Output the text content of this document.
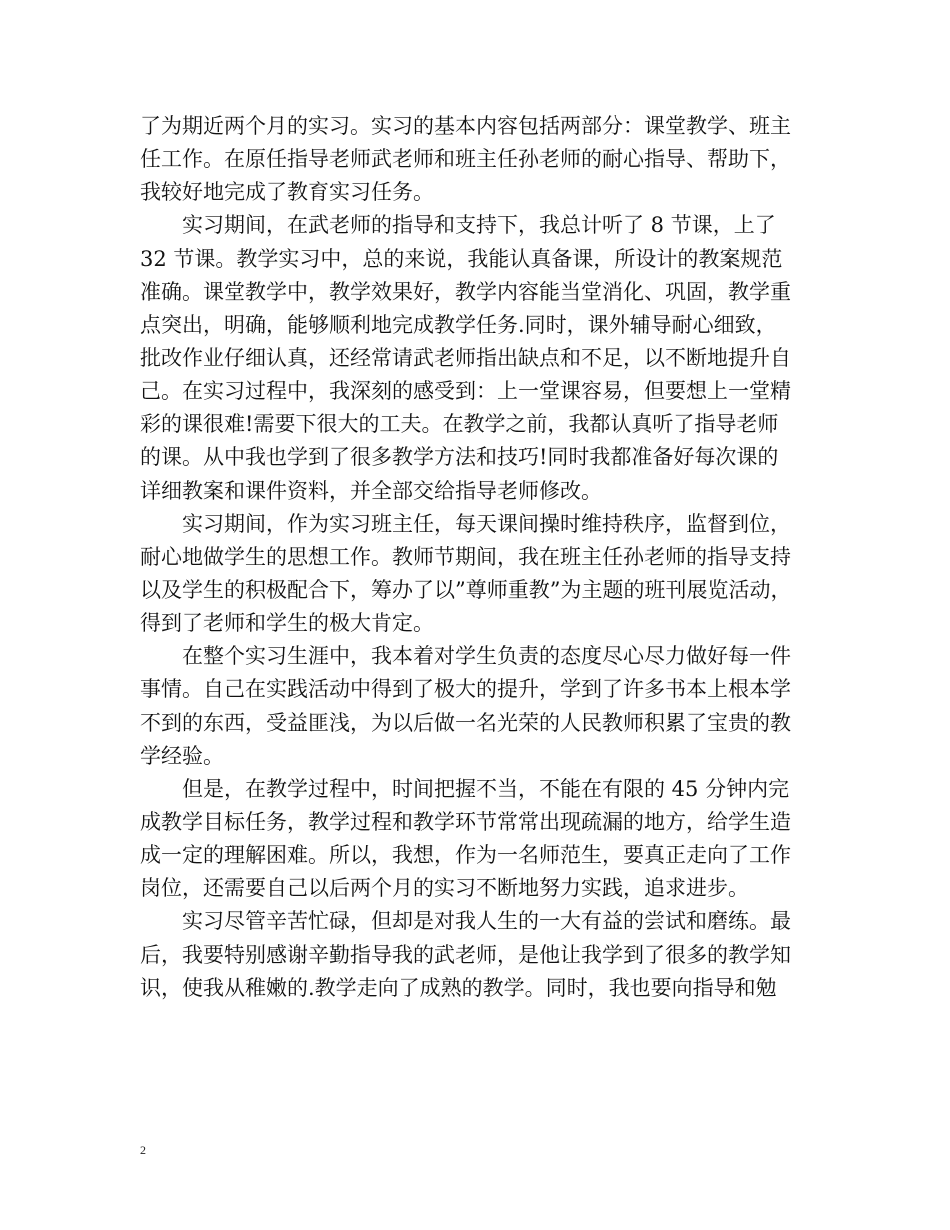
了为期近两个月的实习。实习的基本内容包括两部分：课堂教学、班主
任工作。在原任指导老师武老师和班主任孙老师的耐心指导、帮助下，
我较好地完成了教育实习任务。
实习期间，在武老师的指导和支持下，我总计听了 8 节课，上了
32 节课。教学实习中，总的来说，我能认真备课，所设计的教案规范
准确。课堂教学中，教学效果好，教学内容能当堂消化、巩固，教学重
点突出，明确，能够顺利地完成教学任务.同时，课外辅导耐心细致，
批改作业仔细认真，还经常请武老师指出缺点和不足，以不断地提升自
己。在实习过程中，我深刻的感受到：上一堂课容易，但要想上一堂精
彩的课很难!需要下很大的工夫。在教学之前，我都认真听了指导老师
的课。从中我也学到了很多教学方法和技巧!同时我都准备好每次课的
详细教案和课件资料，并全部交给指导老师修改。
实习期间，作为实习班主任，每天课间操时维持秩序，监督到位，
耐心地做学生的思想工作。教师节期间，我在班主任孙老师的指导支持
以及学生的积极配合下，筹办了以”尊师重教”为主题的班刊展览活动，
得到了老师和学生的极大肯定。
在整个实习生涯中，我本着对学生负责的态度尽心尽力做好每一件
事情。自己在实践活动中得到了极大的提升，学到了许多书本上根本学
不到的东西，受益匪浅，为以后做一名光荣的人民教师积累了宝贵的教
学经验。
但是，在教学过程中，时间把握不当，不能在有限的 45 分钟内完
成教学目标任务，教学过程和教学环节常常出现疏漏的地方，给学生造
成一定的理解困难。所以，我想，作为一名师范生，要真正走向了工作
岗位，还需要自己以后两个月的实习不断地努力实践，追求进步。
实习尽管辛苦忙碌，但却是对我人生的一大有益的尝试和磨练。最
后，我要特别感谢辛勤指导我的武老师，是他让我学到了很多的教学知
识，使我从稚嫩的.教学走向了成熟的教学。同时，我也要向指导和勉
2
